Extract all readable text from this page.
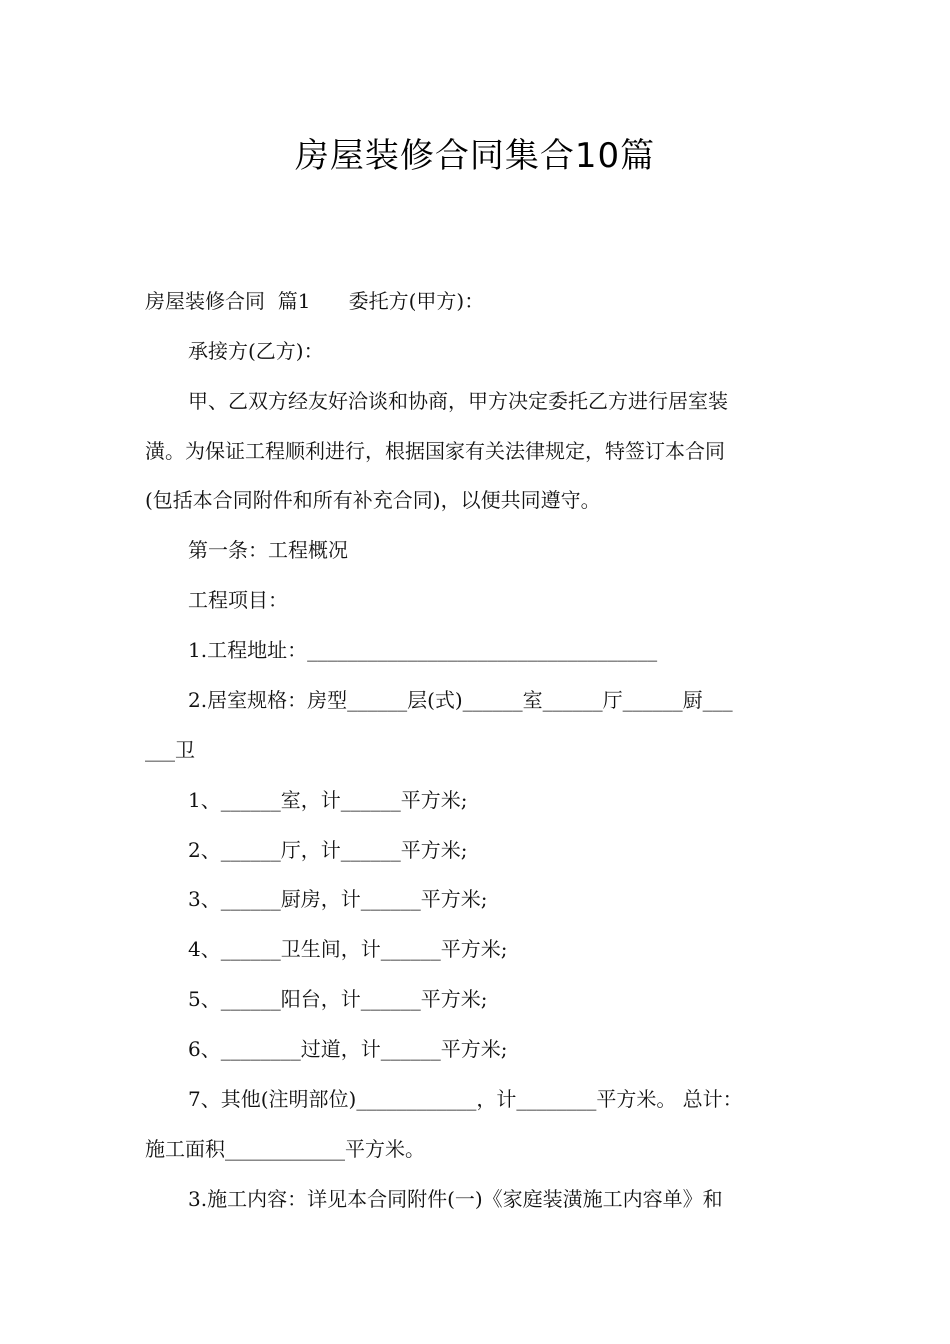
房屋装修合同集合10篇
房屋装修合同  篇1      委托方(甲方)：
承接方(乙方)：
甲、乙双方经友好洽谈和协商，甲方决定委托乙方进行居室装
潢。为保证工程顺利进行，根据国家有关法律规定，特签订本合同
(包括本合同附件和所有补充合同)，以便共同遵守。
第一条：工程概况
工程项目：
1.工程地址：___________________________________
2.居室规格：房型______层(式)______室______厅______厨___
___卫
1、______室，计______平方米;
2、______厅，计______平方米;
3、______厨房，计______平方米;
4、______卫生间，计______平方米;
5、______阳台，计______平方米;
6、________过道，计______平方米;
7、其他(注明部位)____________，计________平方米。 总计：
施工面积____________平方米。
3.施工内容：详见本合同附件(一)《家庭装潢施工内容单》和
